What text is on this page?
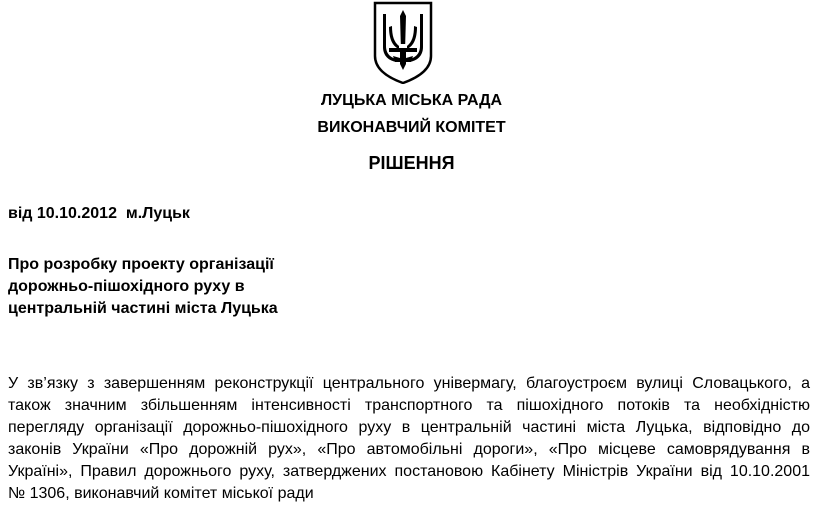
ЛУЦЬКА МІСЬКА РАДА
ВИКОНАВЧИЙ КОМІТЕТ
РІШЕННЯ
від 10.10.2012  м.Луцьк
Про розробку проекту організації
дорожньо-пішохідного руху в
центральній частині міста Луцька
У зв’язку з завершенням реконструкції центрального універмагу, благоустроєм вулиці Словацького, а
також значним збільшенням інтенсивності транспортного та пішохідного потоків та необхідністю
перегляду організації дорожньо-пішохідного руху в центральній частині міста Луцька, відповідно до
законів України «Про дорожній рух», «Про автомобільні дороги», «Про місцеве самоврядування в
Україні», Правил дорожнього руху, затверджених постановою Кабінету Міністрів України від 10.10.2001
№ 1306, виконавчий комітет міської ради
